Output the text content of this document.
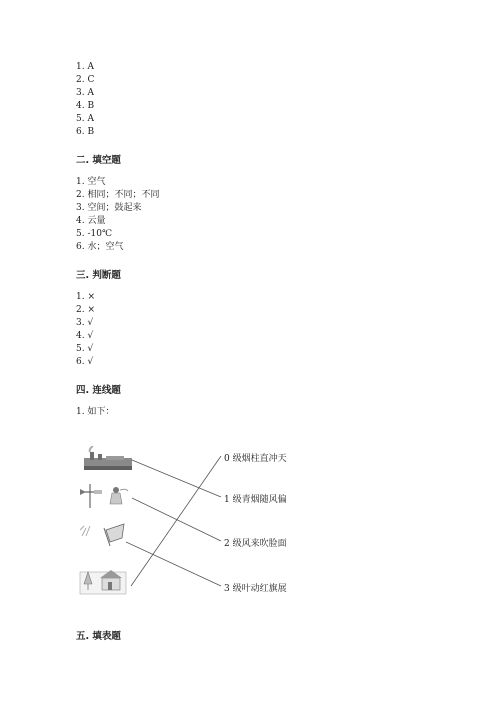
1. A
2. C
3. A
4. B
5. A
6. B
二. 填空题
1. 空气
2. 相同；不同；不同
3. 空间；鼓起来
4. 云量
5. -10℃
6. 水；空气
三. 判断题
1. ×
2. ×
3. √
4. √
5. √
6. √
四. 连线题
1. 如下：
0 级烟柱直冲天
1 级青烟随风偏
2 级风来吹脸面
3 级叶动红旗展
五. 填表题
